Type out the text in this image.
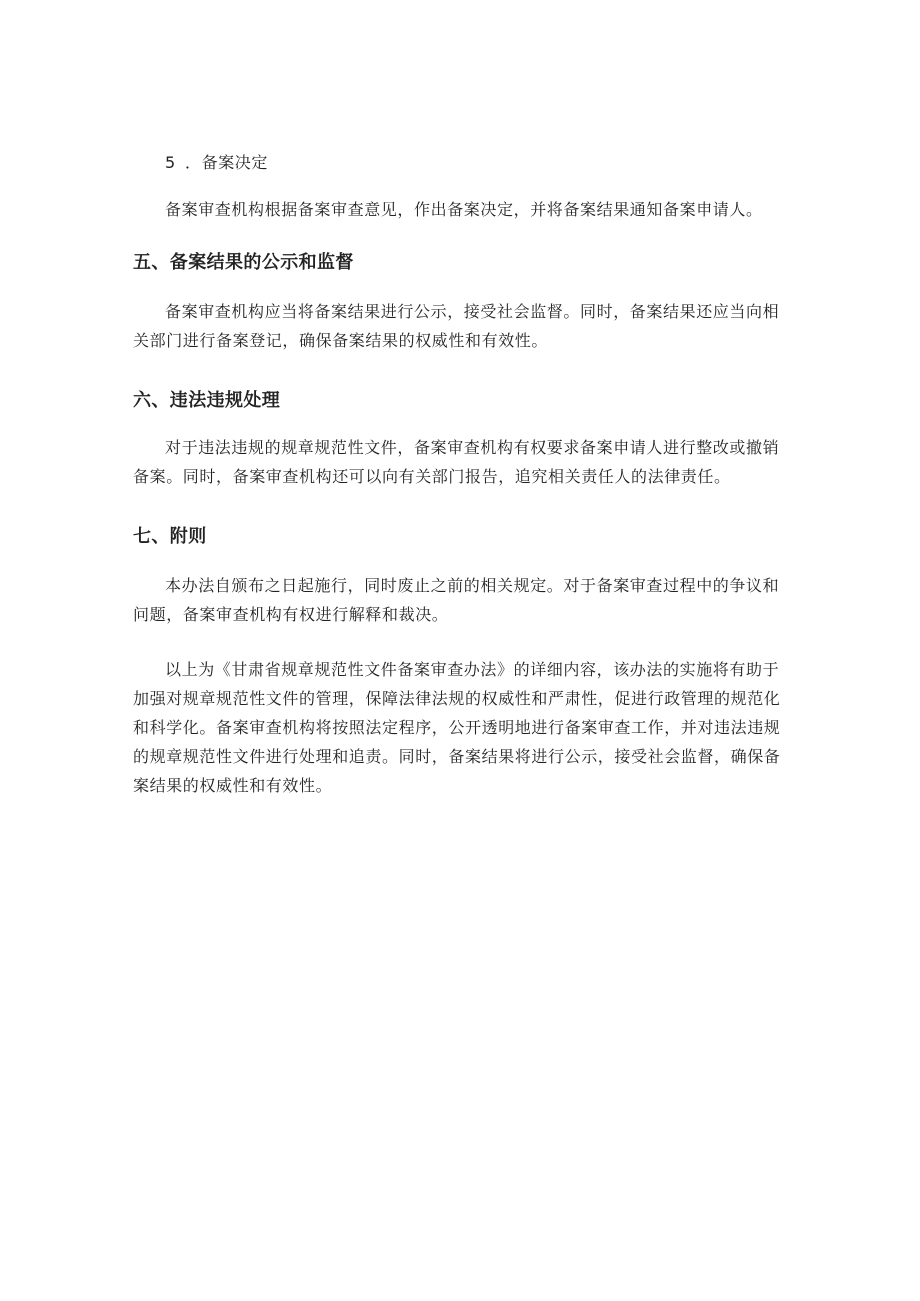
5 ．备案决定

备案审查机构根据备案审查意见，作出备案决定，并将备案结果通知备案申请人。

五、备案结果的公示和监督

备案审查机构应当将备案结果进行公示，接受社会监督。同时，备案结果还应当向相关部门进行备案登记，确保备案结果的权威性和有效性。

六、违法违规处理

对于违法违规的规章规范性文件，备案审查机构有权要求备案申请人进行整改或撤销备案。同时，备案审查机构还可以向有关部门报告，追究相关责任人的法律责任。

七、附则

本办法自颁布之日起施行，同时废止之前的相关规定。对于备案审查过程中的争议和问题，备案审查机构有权进行解释和裁决。

以上为《甘肃省规章规范性文件备案审查办法》的详细内容，该办法的实施将有助于加强对规章规范性文件的管理，保障法律法规的权威性和严肃性，促进行政管理的规范化和科学化。备案审查机构将按照法定程序，公开透明地进行备案审查工作，并对违法违规的规章规范性文件进行处理和追责。同时，备案结果将进行公示，接受社会监督，确保备案结果的权威性和有效性。
